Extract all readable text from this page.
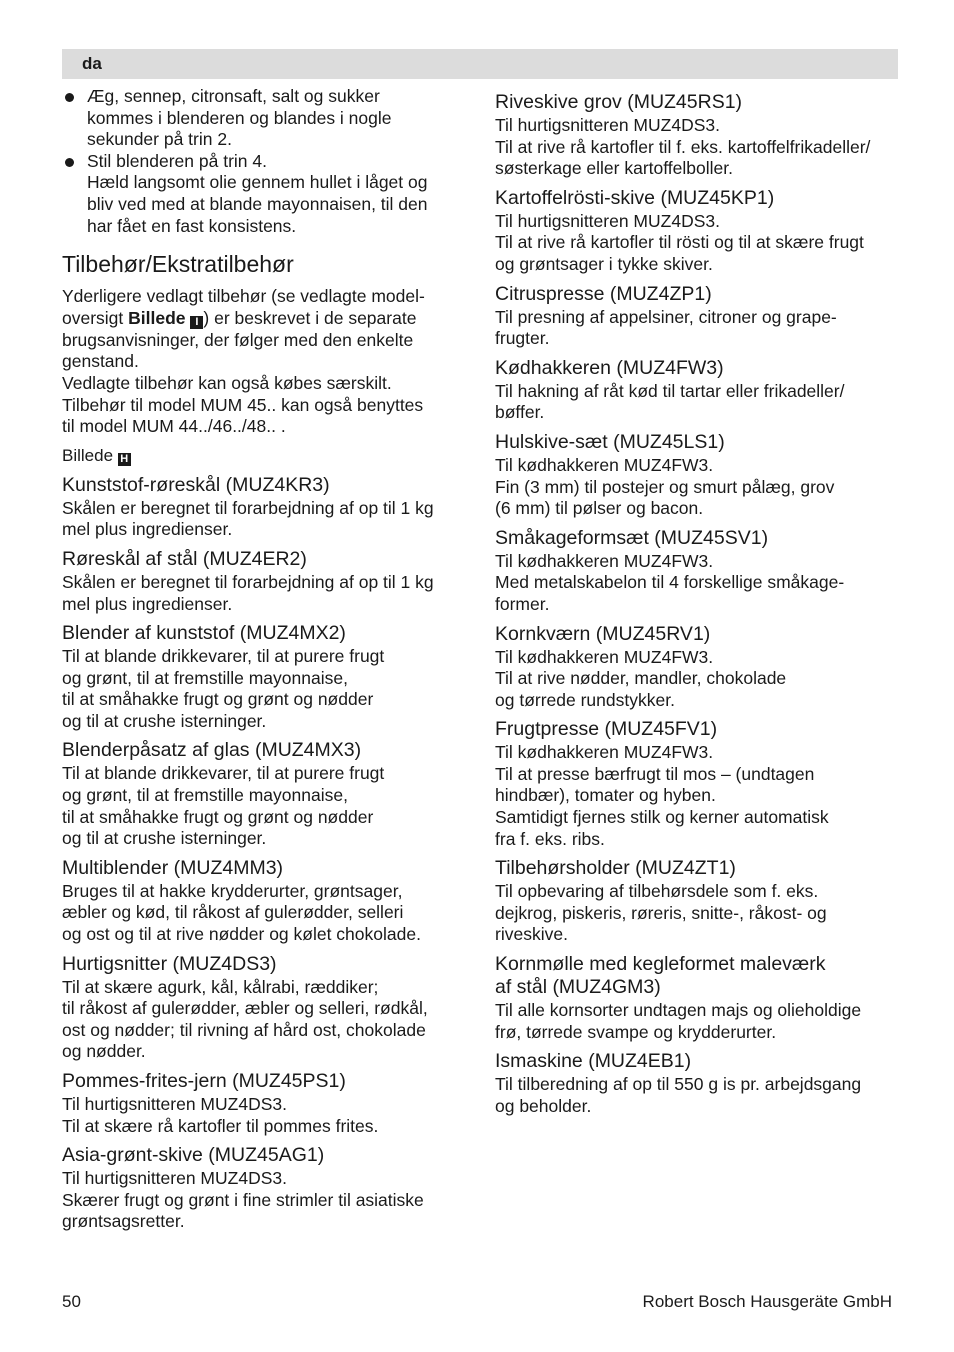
da
Æg, sennep, citronsaft, salt og sukker
kommes i blenderen og blandes i nogle
sekunder på trin 2.
Stil blenderen på trin 4.
Hæld langsomt olie gennem hullet i låget og
bliv ved med at blande mayonnaisen, til den
har fået en fast konsistens.
Tilbehør/Ekstratilbehør

Yderligere vedlagt tilbehør (se vedlagte model-
oversigt Billede I ) er beskrevet i de separate
brugsanvisninger, der følger med den enkelte
genstand.
Vedlagte tilbehør kan også købes særskilt.
Tilbehør til model MUM 45.. kan også benyttes
til model MUM 44../46../48.. .

Billede H

Kunststof-røreskål (MUZ4KR3)

Skålen er beregnet til forarbejdning af op til 1 kg
mel plus ingredienser.

Røreskål af stål (MUZ4ER2)

Skålen er beregnet til forarbejdning af op til 1 kg
mel plus ingredienser.

Blender af kunststof (MUZ4MX2)

Til at blande drikkevarer, til at purere frugt
og grønt, til at fremstille mayonnaise,
til at småhakke frugt og grønt og nødder
og til at crushe isterninger.

Blenderpåsatz af glas (MUZ4MX3)

Til at blande drikkevarer, til at purere frugt
og grønt, til at fremstille mayonnaise,
til at småhakke frugt og grønt og nødder
og til at crushe isterninger.

Multiblender (MUZ4MM3)

Bruges til at hakke krydderurter, grøntsager,
æbler og kød, til råkost af gulerødder, selleri
og ost og til at rive nødder og kølet chokolade.

Hurtigsnitter (MUZ4DS3)

Til at skære agurk, kål, kålrabi, ræddiker;
til råkost af gulerødder, æbler og selleri, rødkål,
ost og nødder; til rivning af hård ost, chokolade
og nødder.

Pommes-frites-jern (MUZ45PS1)

Til hurtigsnitteren MUZ4DS3.
Til at skære rå kartofler til pommes frites.

Asia-grønt-skive (MUZ45AG1)

Til hurtigsnitteren MUZ4DS3.
Skærer frugt og grønt i fine strimler til asiatiske
grøntsagsretter.

Riveskive grov (MUZ45RS1)

Til hurtigsnitteren MUZ4DS3.
Til at rive rå kartofler til f. eks. kartoffelfrikadeller/
søsterkage eller kartoffelboller.

Kartoffelrösti-skive (MUZ45KP1)

Til hurtigsnitteren MUZ4DS3.
Til at rive rå kartofler til rösti og til at skære frugt
og grøntsager i tykke skiver.

Citruspresse (MUZ4ZP1)

Til presning af appelsiner, citroner og grape-
frugter.

Kødhakkeren (MUZ4FW3)

Til hakning af råt kød til tartar eller frikadeller/
bøffer.

Hulskive-sæt (MUZ45LS1)

Til kødhakkeren MUZ4FW3.
Fin (3 mm) til postejer og smurt pålæg, grov
(6 mm) til pølser og bacon.

Småkageformsæt (MUZ45SV1)

Til kødhakkeren MUZ4FW3.
Med metalskabelon til 4 forskellige småkage-
former.

Kornkværn (MUZ45RV1)

Til kødhakkeren MUZ4FW3.
Til at rive nødder, mandler, chokolade
og tørrede rundstykker.

Frugtpresse (MUZ45FV1)

Til kødhakkeren MUZ4FW3.
Til at presse bærfrugt til mos – (undtagen
hindbær), tomater og hyben.
Samtidigt fjernes stilk og kerner automatisk
fra f. eks. ribs.

Tilbehørsholder (MUZ4ZT1)

Til opbevaring af tilbehørsdele som f. eks.
dejkrog, piskeris, røreris, snitte-, råkost- og
riveskive.

Kornmølle med kegleformet maleværk
af stål (MUZ4GM3)

Til alle kornsorter undtagen majs og olieholdige
frø, tørrede svampe og krydderurter.

Ismaskine (MUZ4EB1)

Til tilberedning af op til 550 g is pr. arbejdsgang
og beholder.

50	Robert Bosch Hausgeräte GmbH
